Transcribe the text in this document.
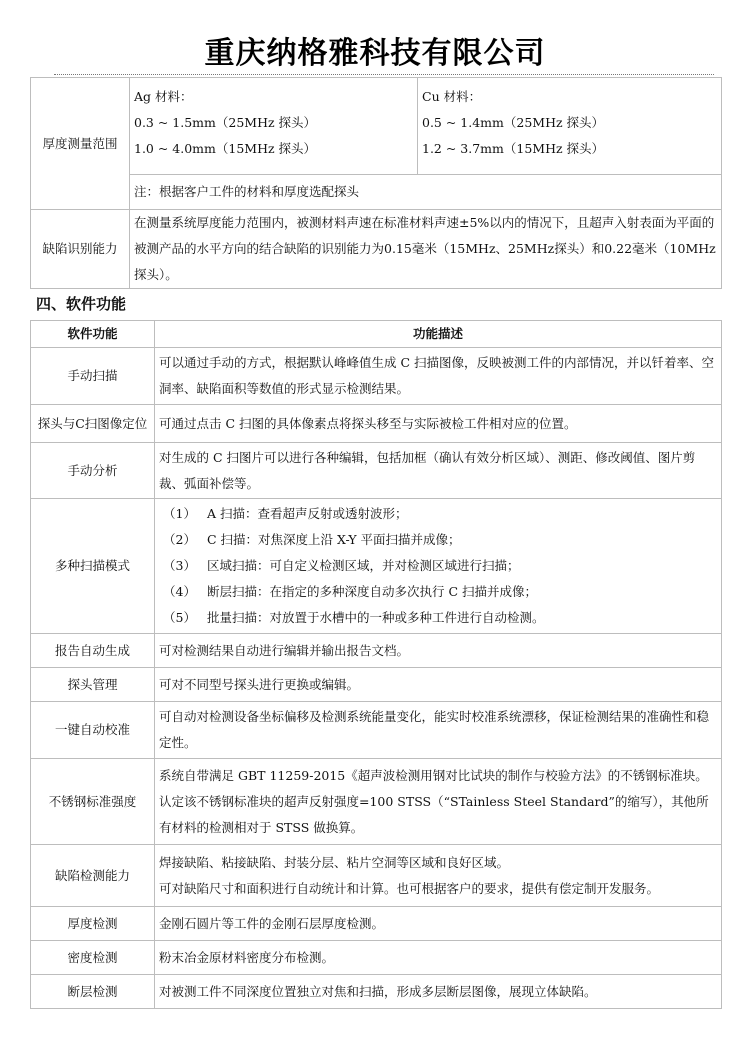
重庆纳格雅科技有限公司
厚度测量范围	Ag 材料：
0.3 ~ 1.5mm（25MHz 探头）
1.0 ~ 4.0mm（15MHz 探头）	Cu 材料：
0.5 ~ 1.4mm（25MHz 探头）
1.2 ~ 3.7mm（15MHz 探头）

	注：根据客户工件的材料和厚度选配探头	
缺陷识别能力	在测量系统厚度能力范围内，被测材料声速在标准材料声速±5%以内的情况下，且超声入射表面为平面的被测产品的水平方向的结合缺陷的识别能力为0.15毫米（15MHz、25MHz探头）和0.22毫米（10MHz探头）。	
四、软件功能
软件功能	功能描述
手动扫描	可以通过手动的方式，根据默认峰峰值生成 C 扫描图像，反映被测工件的内部情况，并以钎着率、空洞率、缺陷面积等数值的形式显示检测结果。
探头与C扫图像定位	可通过点击 C 扫图的具体像素点将探头移至与实际被检工件相对应的位置。
手动分析	对生成的 C 扫图片可以进行各种编辑，包括加框（确认有效分析区域）、测距、修改阈值、图片剪裁、弧面补偿等。
多种扫描模式	（1） A 扫描：查看超声反射或透射波形；
（2） C 扫描：对焦深度上沿 X-Y 平面扫描并成像；
（3） 区域扫描：可自定义检测区域，并对检测区域进行扫描；
（4） 断层扫描：在指定的多种深度自动多次执行 C 扫描并成像；
（5） 批量扫描：对放置于水槽中的一种或多种工件进行自动检测。

报告自动生成	可对检测结果自动进行编辑并输出报告文档。
探头管理	可对不同型号探头进行更换或编辑。
一键自动校准	可自动对检测设备坐标偏移及检测系统能量变化，能实时校准系统漂移，保证检测结果的准确性和稳定性。
不锈钢标准强度	系统自带满足 GBT 11259-2015《超声波检测用钢对比试块的制作与校验方法》的不锈钢标准块。
认定该不锈钢标准块的超声反射强度=100 STSS（“STainless Steel Standard”的缩写），其他所有材料的检测相对于 STSS 做换算。

缺陷检测能力	焊接缺陷、粘接缺陷、封装分层、粘片空洞等区域和良好区域。
可对缺陷尺寸和面积进行自动统计和计算。也可根据客户的要求，提供有偿定制开发服务。

厚度检测	金刚石圆片等工件的金刚石层厚度检测。
密度检测	粉末冶金原材料密度分布检测。
断层检测	对被测工件不同深度位置独立对焦和扫描，形成多层断层图像，展现立体缺陷。
